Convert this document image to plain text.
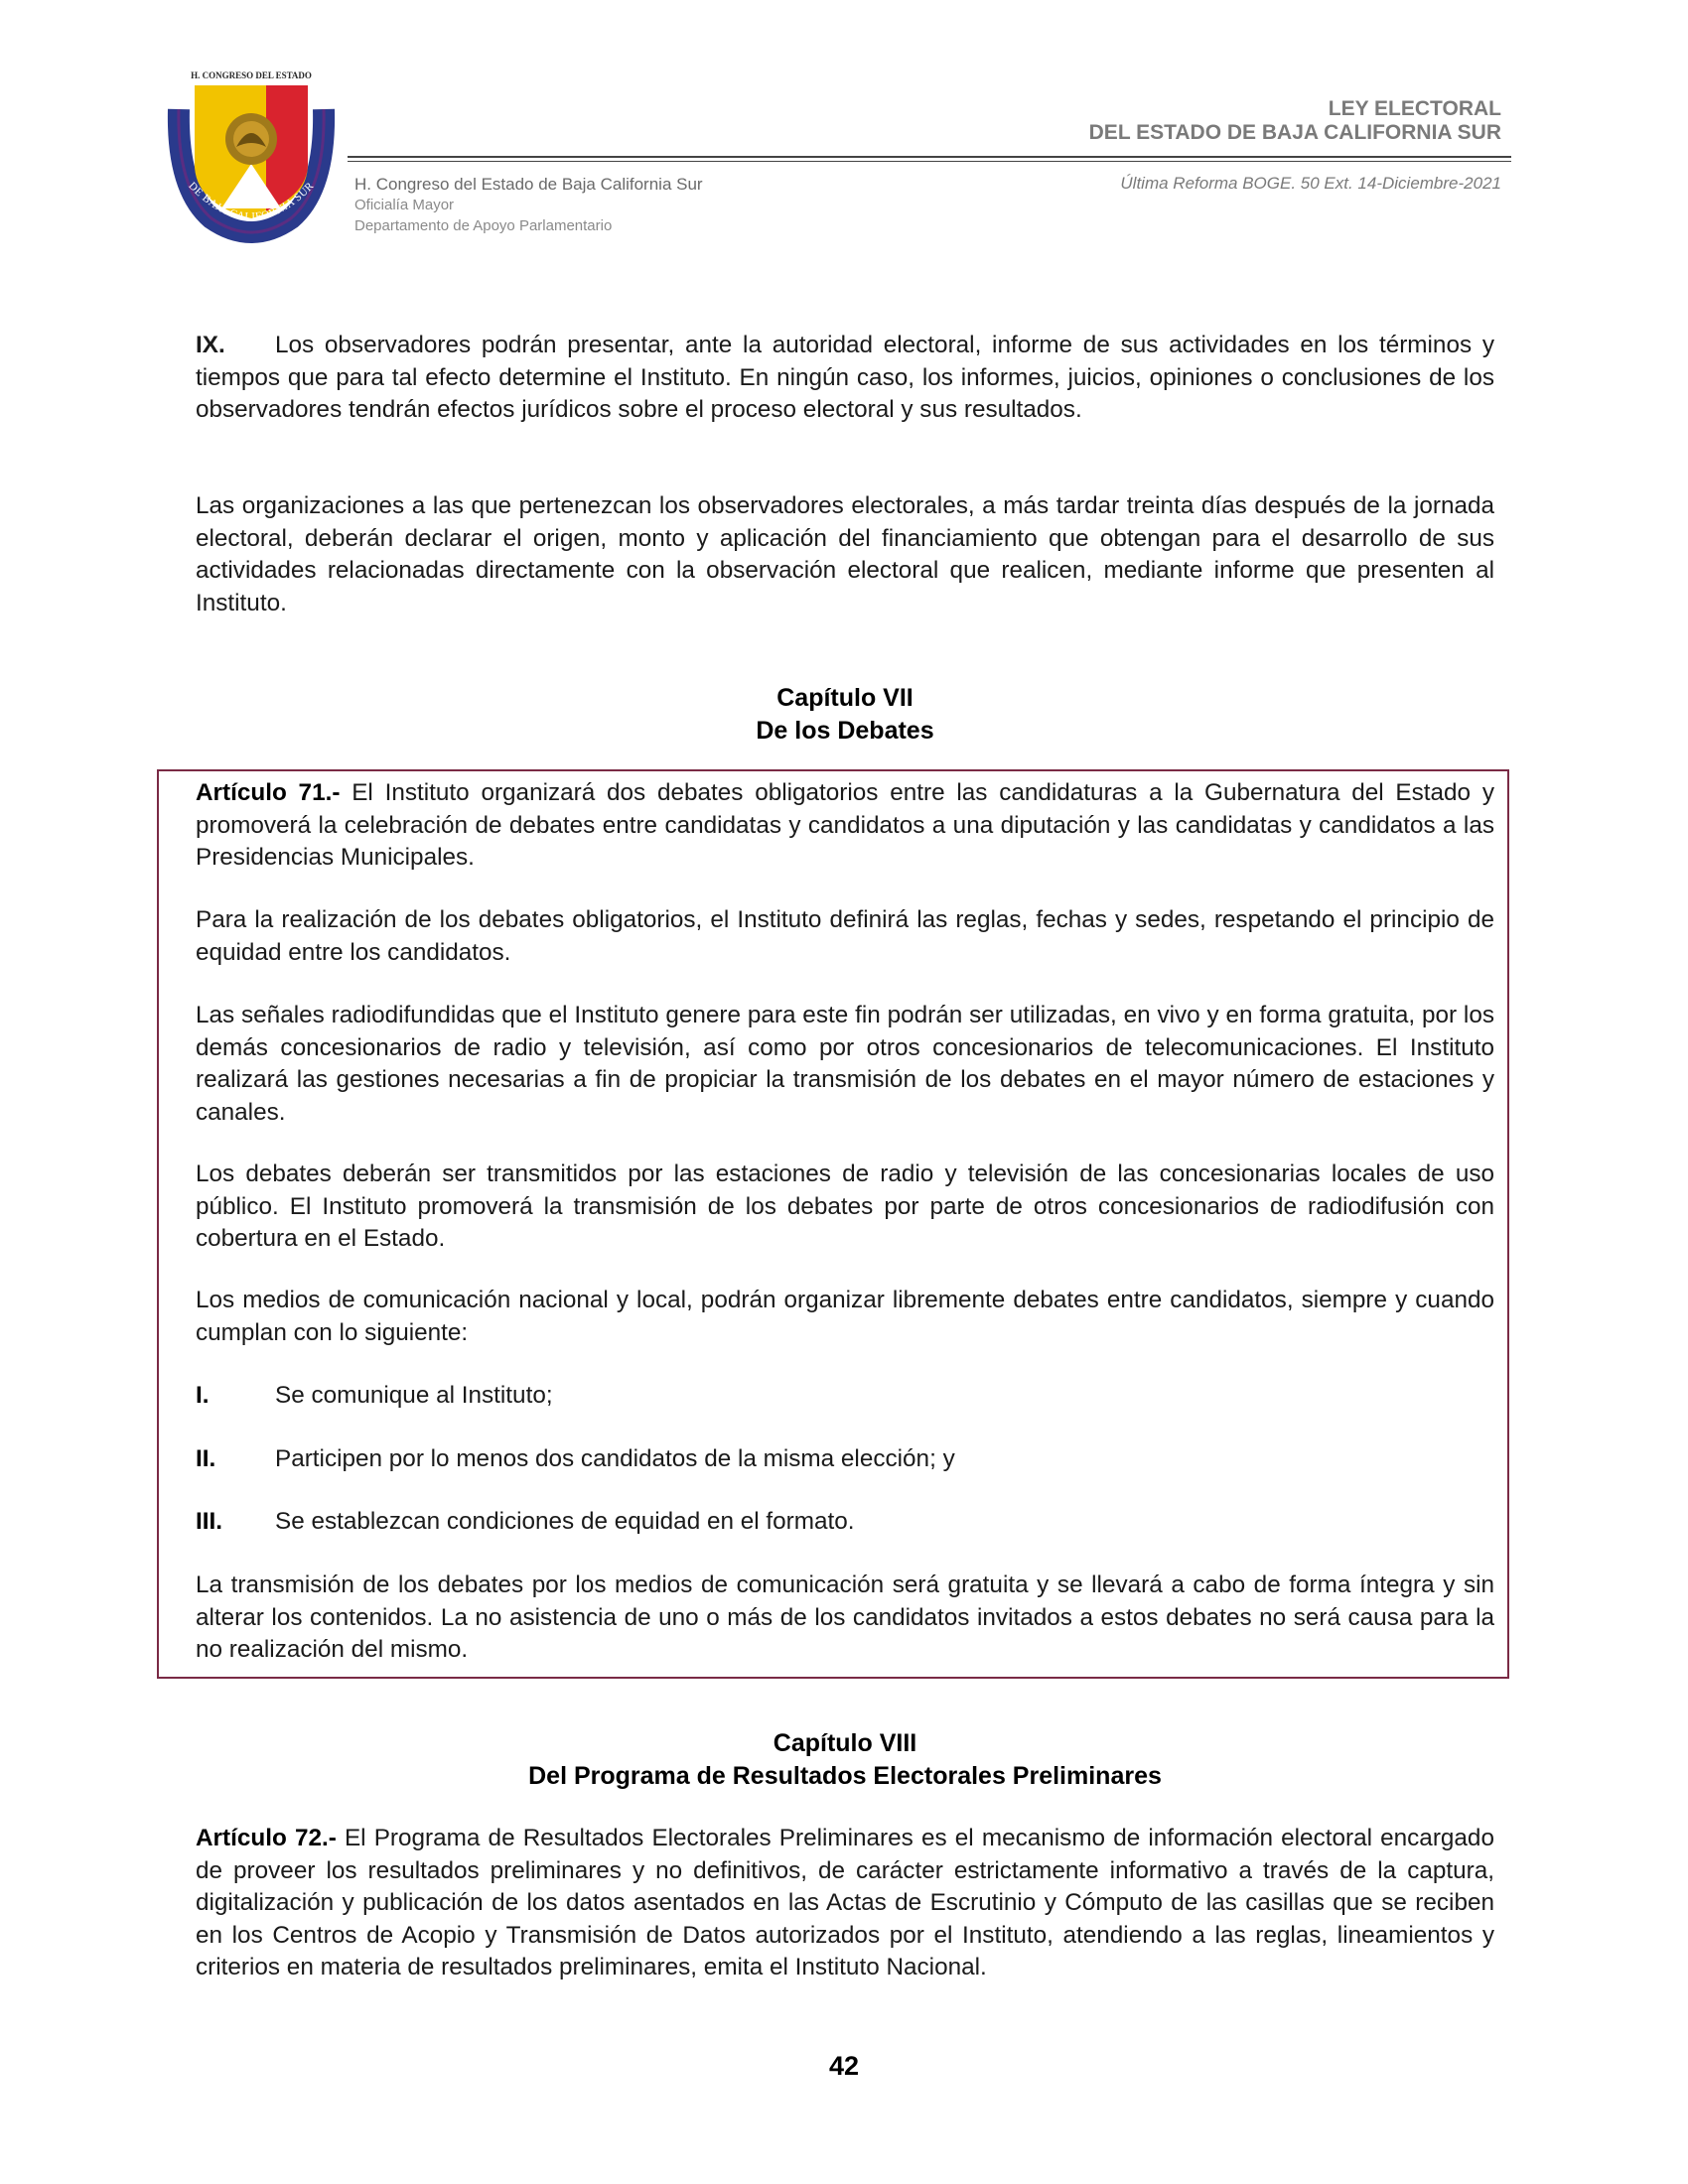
H. CONGRESO DEL ESTADO
DE BAJA CALIFORNIA SUR
LEY ELECTORAL
DEL ESTADO DE BAJA CALIFORNIA SUR
H. Congreso del Estado de Baja California Sur
Oficialía Mayor
Departamento de Apoyo Parlamentario
Última Reforma BOGE. 50 Ext. 14-Diciembre-2021
IX. Los observadores podrán presentar, ante la autoridad electoral, informe de sus actividades en los términos y tiempos que para tal efecto determine el Instituto. En ningún caso, los informes, juicios, opiniones o conclusiones de los observadores tendrán efectos jurídicos sobre el proceso electoral y sus resultados.
Las organizaciones a las que pertenezcan los observadores electorales, a más tardar treinta días después de la jornada electoral, deberán declarar el origen, monto y aplicación del financiamiento que obtengan para el desarrollo de sus actividades relacionadas directamente con la observación electoral que realicen, mediante informe que presenten al Instituto.
Capítulo VII
De los Debates
Artículo 71.- El Instituto organizará dos debates obligatorios entre las candidaturas a la Gubernatura del Estado y promoverá la celebración de debates entre candidatas y candidatos a una diputación y las candidatas y candidatos a las Presidencias Municipales.
Para la realización de los debates obligatorios, el Instituto definirá las reglas, fechas y sedes, respetando el principio de equidad entre los candidatos.
Las señales radiodifundidas que el Instituto genere para este fin podrán ser utilizadas, en vivo y en forma gratuita, por los demás concesionarios de radio y televisión, así como por otros concesionarios de telecomunicaciones. El Instituto realizará las gestiones necesarias a fin de propiciar la transmisión de los debates en el mayor número de estaciones y canales.
Los debates deberán ser transmitidos por las estaciones de radio y televisión de las concesionarias locales de uso público. El Instituto promoverá la transmisión de los debates por parte de otros concesionarios de radiodifusión con cobertura en el Estado.
Los medios de comunicación nacional y local, podrán organizar libremente debates entre candidatos, siempre y cuando cumplan con lo siguiente:
I.	Se comunique al Instituto;
II. Participen por lo menos dos candidatos de la misma elección; y
III. Se establezcan condiciones de equidad en el formato.
La transmisión de los debates por los medios de comunicación será gratuita y se llevará a cabo de forma íntegra y sin alterar los contenidos. La no asistencia de uno o más de los candidatos invitados a estos debates no será causa para la no realización del mismo.
Capítulo VIII
Del Programa de Resultados Electorales Preliminares
Artículo 72.- El Programa de Resultados Electorales Preliminares es el mecanismo de información electoral encargado de proveer los resultados preliminares y no definitivos, de carácter estrictamente informativo a través de la captura, digitalización y publicación de los datos asentados en las Actas de Escrutinio y Cómputo de las casillas que se reciben en los Centros de Acopio y Transmisión de Datos autorizados por el Instituto, atendiendo a las reglas, lineamientos y criterios en materia de resultados preliminares, emita el Instituto Nacional.
42
